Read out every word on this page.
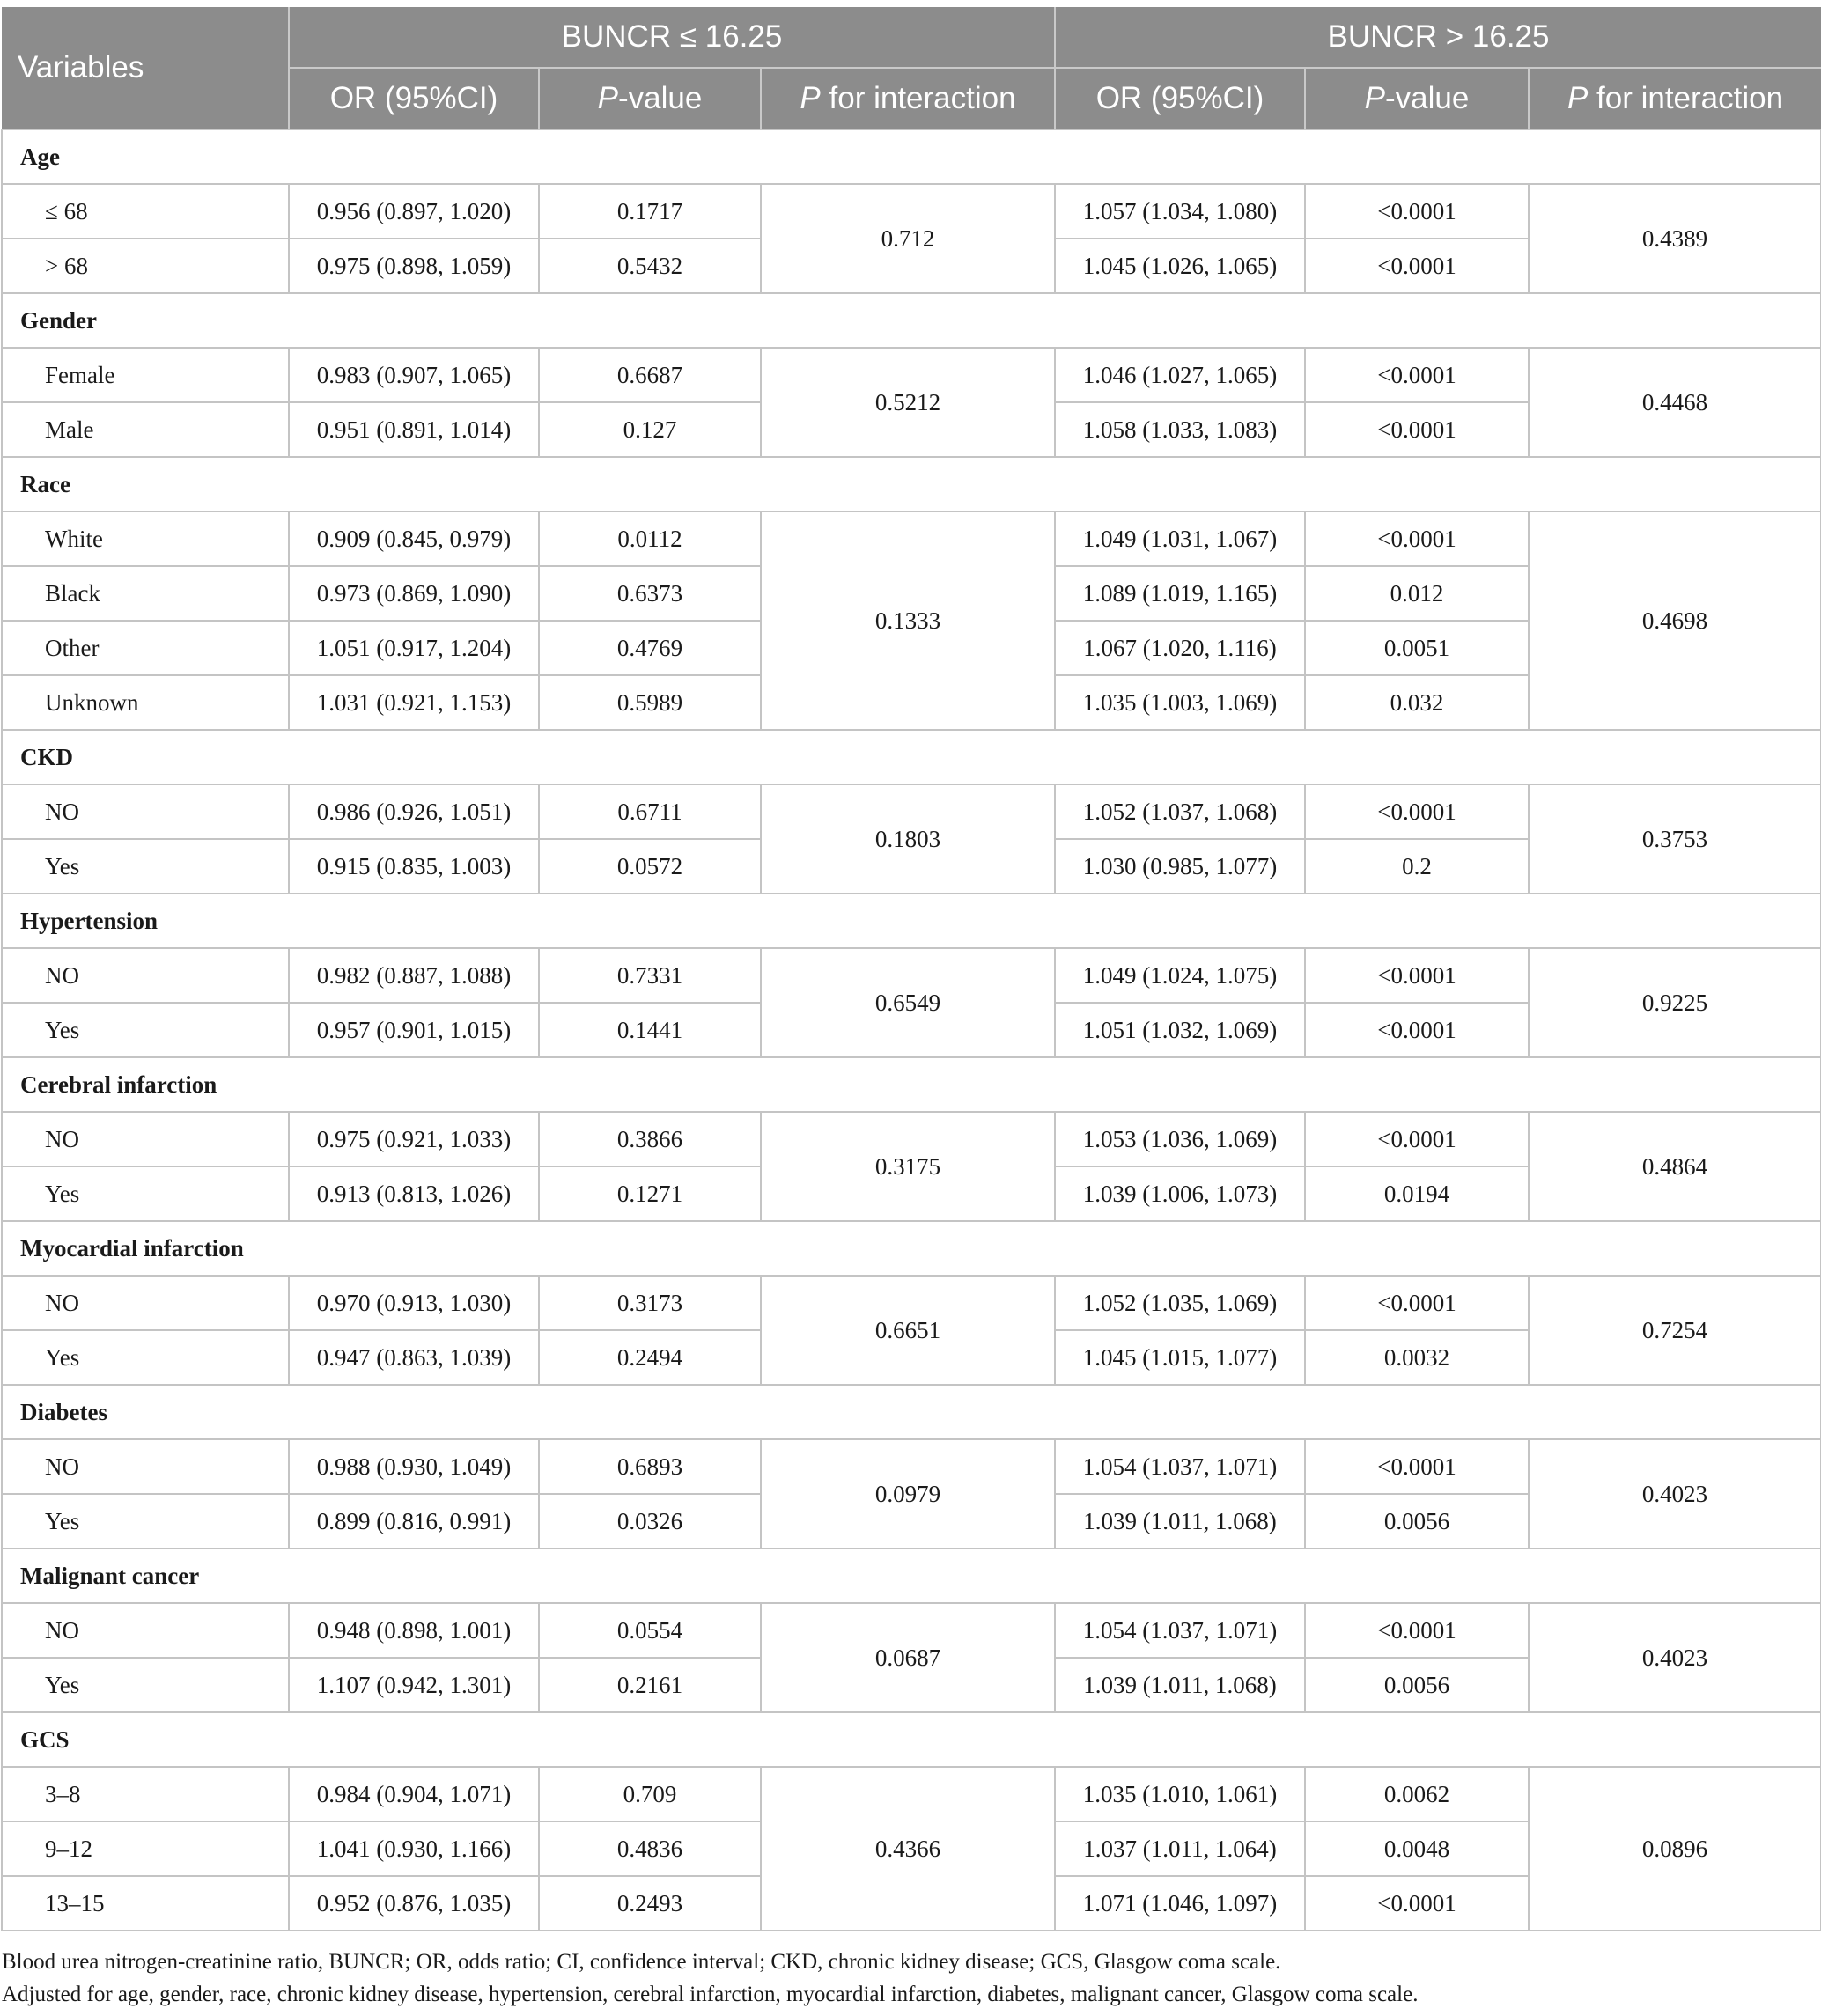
Variables	BUNCR ≤ 16.25			BUNCR > 16.25		
	OR (95%CI)	P-value	P for interaction	OR (95%CI)	P-value	P for interaction
Age						
≤ 68	0.956 (0.897, 1.020)	0.1717	0.712	1.057 (1.034, 1.080)	<0.0001	0.4389
> 68	0.975 (0.898, 1.059)	0.5432		1.045 (1.026, 1.065)	<0.0001	
Gender						
Female	0.983 (0.907, 1.065)	0.6687	0.5212	1.046 (1.027, 1.065)	<0.0001	0.4468
Male	0.951 (0.891, 1.014)	0.127		1.058 (1.033, 1.083)	<0.0001	
Race						
White	0.909 (0.845, 0.979)	0.0112	0.1333	1.049 (1.031, 1.067)	<0.0001	0.4698
Black	0.973 (0.869, 1.090)	0.6373		1.089 (1.019, 1.165)	0.012	
Other	1.051 (0.917, 1.204)	0.4769		1.067 (1.020, 1.116)	0.0051	
Unknown	1.031 (0.921, 1.153)	0.5989		1.035 (1.003, 1.069)	0.032	
CKD						
NO	0.986 (0.926, 1.051)	0.6711	0.1803	1.052 (1.037, 1.068)	<0.0001	0.3753
Yes	0.915 (0.835, 1.003)	0.0572		1.030 (0.985, 1.077)	0.2	
Hypertension						
NO	0.982 (0.887, 1.088)	0.7331	0.6549	1.049 (1.024, 1.075)	<0.0001	0.9225
Yes	0.957 (0.901, 1.015)	0.1441		1.051 (1.032, 1.069)	<0.0001	
Cerebral infarction						
NO	0.975 (0.921, 1.033)	0.3866	0.3175	1.053 (1.036, 1.069)	<0.0001	0.4864
Yes	0.913 (0.813, 1.026)	0.1271		1.039 (1.006, 1.073)	0.0194	
Myocardial infarction						
NO	0.970 (0.913, 1.030)	0.3173	0.6651	1.052 (1.035, 1.069)	<0.0001	0.7254
Yes	0.947 (0.863, 1.039)	0.2494		1.045 (1.015, 1.077)	0.0032	
Diabetes						
NO	0.988 (0.930, 1.049)	0.6893	0.0979	1.054 (1.037, 1.071)	<0.0001	0.4023
Yes	0.899 (0.816, 0.991)	0.0326		1.039 (1.011, 1.068)	0.0056	
Malignant cancer						
NO	0.948 (0.898, 1.001)	0.0554	0.0687	1.054 (1.037, 1.071)	<0.0001	0.4023
Yes	1.107 (0.942, 1.301)	0.2161		1.039 (1.011, 1.068)	0.0056	
GCS						
3–8	0.984 (0.904, 1.071)	0.709	0.4366	1.035 (1.010, 1.061)	0.0062	0.0896
9–12	1.041 (0.930, 1.166)	0.4836		1.037 (1.011, 1.064)	0.0048	
13–15	0.952 (0.876, 1.035)	0.2493		1.071 (1.046, 1.097)	<0.0001	

Blood urea nitrogen-creatinine ratio, BUNCR; OR, odds ratio; CI, confidence interval; CKD, chronic kidney disease; GCS, Glasgow coma scale.

Adjusted for age, gender, race, chronic kidney disease, hypertension, cerebral infarction, myocardial infarction, diabetes, malignant cancer, Glasgow coma scale.
